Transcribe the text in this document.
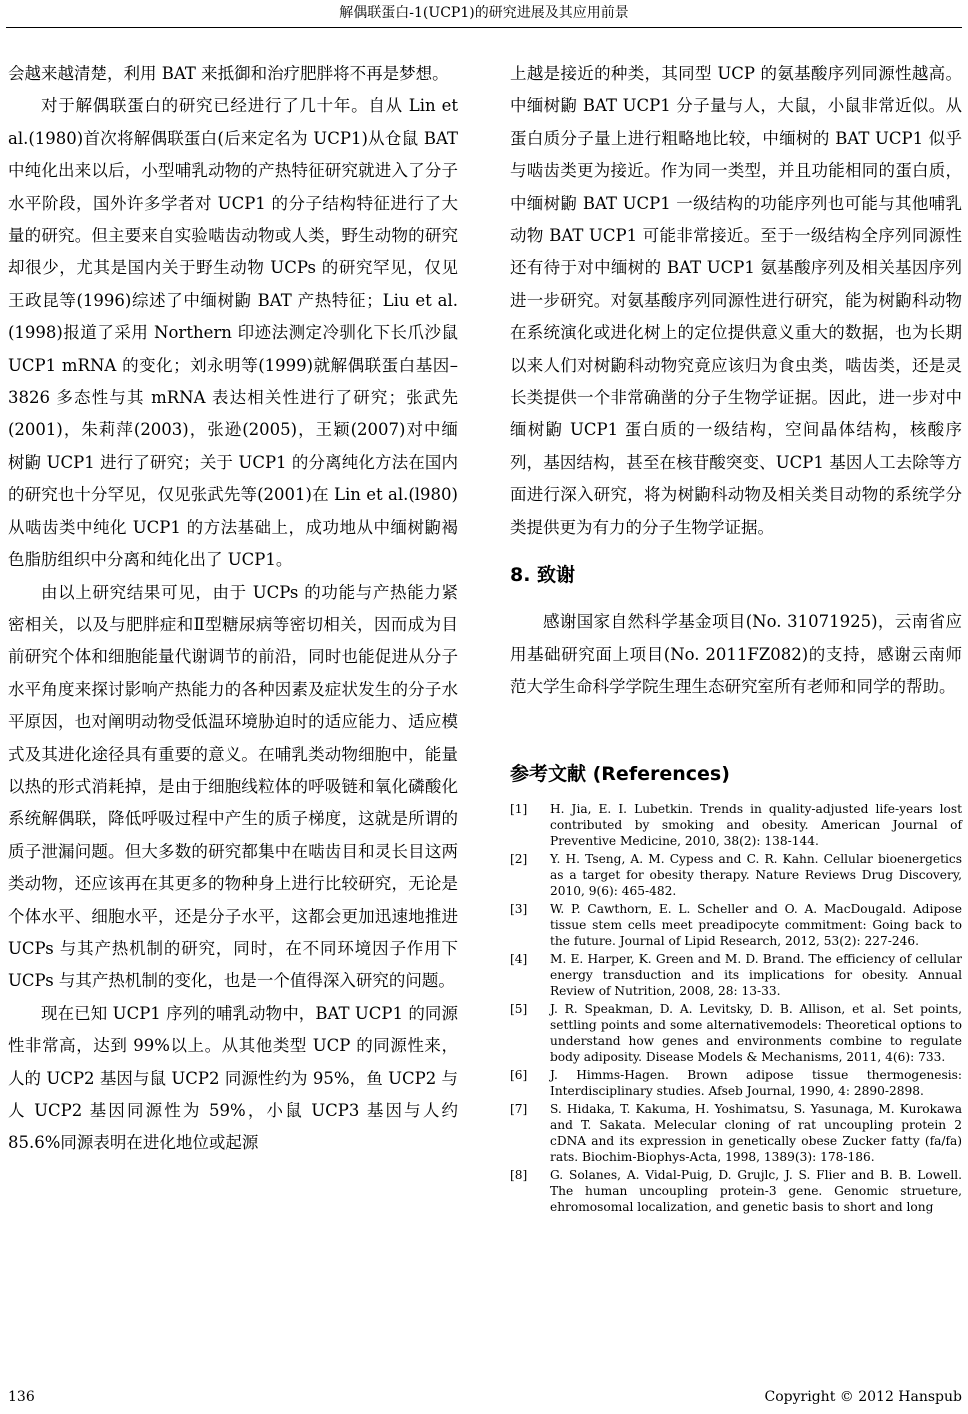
解偶联蛋白-1(UCP1)的研究进展及其应用前景

会越来越清楚，利用 BAT 来抵御和治疗肥胖将不再是梦想。

对于解偶联蛋白的研究已经进行了几十年。自从 Lin et al.(1980)首次将解偶联蛋白(后来定名为 UCP1)从仓鼠 BAT 中纯化出来以后，小型哺乳动物的产热特征研究就进入了分子水平阶段，国外许多学者对 UCP1 的分子结构特征进行了大量的研究。但主要来自实验啮齿动物或人类，野生动物的研究却很少，尤其是国内关于野生动物 UCPs 的研究罕见，仅见王政昆等(1996)综述了中缅树鼩 BAT 产热特征；Liu et al.(1998)报道了采用 Northern 印迹法测定冷驯化下长爪沙鼠 UCP1 mRNA 的变化；刘永明等(1999)就解偶联蛋白基因–3826 多态性与其 mRNA 表达相关性进行了研究；张武先(2001)，朱莉萍(2003)，张逊(2005)，王颖(2007)对中缅树鼩 UCP1 进行了研究；关于 UCP1 的分离纯化方法在国内的研究也十分罕见，仅见张武先等(2001)在 Lin et al.(l980)从啮齿类中纯化 UCP1 的方法基础上，成功地从中缅树鼩褐色脂肪组织中分离和纯化出了 UCP1。

由以上研究结果可见，由于 UCPs 的功能与产热能力紧密相关，以及与肥胖症和Ⅱ型糖尿病等密切相关，因而成为目前研究个体和细胞能量代谢调节的前沿，同时也能促进从分子水平角度来探讨影响产热能力的各种因素及症状发生的分子水平原因，也对阐明动物受低温环境胁迫时的适应能力、适应模式及其进化途径具有重要的意义。在哺乳类动物细胞中，能量以热的形式消耗掉，是由于细胞线粒体的呼吸链和氧化磷酸化系统解偶联，降低呼吸过程中产生的质子梯度，这就是所谓的质子泄漏问题。但大多数的研究都集中在啮齿目和灵长目这两类动物，还应该再在其更多的物种身上进行比较研究，无论是个体水平、细胞水平，还是分子水平，这都会更加迅速地推进 UCPs 与其产热机制的研究，同时，在不同环境因子作用下 UCPs 与其产热机制的变化，也是一个值得深入研究的问题。

现在已知 UCP1 序列的哺乳动物中，BAT UCP1 的同源性非常高，达到 99%以上。从其他类型 UCP 的同源性来，人的 UCP2 基因与鼠 UCP2 同源性约为 95%，鱼 UCP2 与人 UCP2 基因同源性为 59%，小鼠 UCP3 基因与人约 85.6%同源表明在进化地位或起源

上越是接近的种类，其同型 UCP 的氨基酸序列同源性越高。中缅树鼩 BAT UCP1 分子量与人，大鼠，小鼠非常近似。从蛋白质分子量上进行粗略地比较，中缅树的 BAT UCP1 似乎与啮齿类更为接近。作为同一类型，并且功能相同的蛋白质，中缅树鼩 BAT UCP1 一级结构的功能序列也可能与其他哺乳动物 BAT UCP1 可能非常接近。至于一级结构全序列同源性还有待于对中缅树的 BAT UCP1 氨基酸序列及相关基因序列进一步研究。对氨基酸序列同源性进行研究，能为树鼩科动物在系统演化或进化树上的定位提供意义重大的数据，也为长期以来人们对树鼩科动物究竟应该归为食虫类，啮齿类，还是灵长类提供一个非常确凿的分子生物学证据。因此，进一步对中缅树鼩 UCP1 蛋白质的一级结构，空间晶体结构，核酸序列，基因结构，甚至在核苷酸突变、UCP1 基因人工去除等方面进行深入研究，将为树鼩科动物及相关类目动物的系统学分类提供更为有力的分子生物学证据。

8. 致谢

感谢国家自然科学基金项目(No. 31071925)，云南省应用基础研究面上项目(No. 2011FZ082)的支持，感谢云南师范大学生命科学学院生理生态研究室所有老师和同学的帮助。

参考文献 (References)
[1]	H. Jia, E. I. Lubetkin. Trends in quality-adjusted life-years lost contributed by smoking and obesity. American Journal of Preventive Medicine, 2010, 38(2): 138-144.
[2]	Y. H. Tseng, A. M. Cypess and C. R. Kahn. Cellular bioenergetics as a target for obesity therapy. Nature Reviews Drug Discovery, 2010, 9(6): 465-482.
[3]	W. P. Cawthorn, E. L. Scheller and O. A. MacDougald. Adipose tissue stem cells meet preadipocyte commitment: Going back to the future. Journal of Lipid Research, 2012, 53(2): 227-246.
[4]	M. E. Harper, K. Green and M. D. Brand. The efficiency of cellular energy transduction and its implications for obesity. Annual Review of Nutrition, 2008, 28: 13-33.
[5]	J. R. Speakman, D. A. Levitsky, D. B. Allison, et al. Set points, settling points and some alternativemodels: Theoretical options to understand how genes and environments combine to regulate body adiposity. Disease Models & Mechanisms, 2011, 4(6): 733.
[6]	J. Himms-Hagen. Brown adipose tissue thermogenesis: Interdisciplinary studies. Afseb Journal, 1990, 4: 2890-2898.
[7]	S. Hidaka, T. Kakuma, H. Yoshimatsu, S. Yasunaga, M. Kurokawa and T. Sakata. Melecular cloning of rat uncoupling protein 2 cDNA and its expression in genetically obese Zucker fatty (fa/fa) rats. Biochim-Biophys-Acta, 1998, 1389(3): 178-186.
[8]	G. Solanes, A. Vidal-Puig, D. Grujlc, J. S. Flier and B. B. Lowell. The human uncoupling protein-3 gene. Genomic strueture, ehromosomal localization, and genetic basis to short and long
136	Copyright © 2012 Hanspub
